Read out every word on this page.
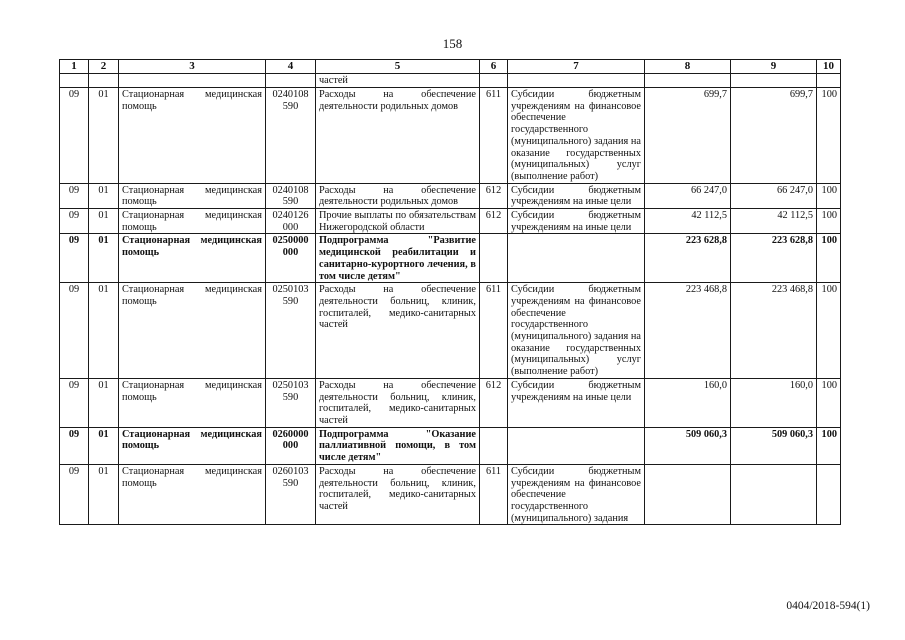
158
1	2	3	4	5	6	7	8	9	10
				частей					
09	01	Стационарная медицинская помощь	0240108 590	Расходы на обеспечение деятельности родильных домов	611	Субсидии бюджетным учреждениям на финансовое обеспечение государственного (муниципального) задания на оказание государственных (муниципальных) услуг (выполнение работ)	699,7	699,7	100
09	01	Стационарная медицинская помощь	0240108 590	Расходы на обеспечение деятельности родильных домов	612	Субсидии бюджетным учреждениям на иные цели	66 247,0	66 247,0	100
09	01	Стационарная медицинская помощь	0240126 000	Прочие выплаты по обязательствам Нижегородской области	612	Субсидии бюджетным учреждениям на иные цели	42 112,5	42 112,5	100
09	01	Стационарная медицинская помощь	0250000 000	Подпрограмма "Развитие медицинской реабилитации и санитарно-курортного лечения, в том числе детям"			223 628,8	223 628,8	100
09	01	Стационарная медицинская помощь	0250103 590	Расходы на обеспечение деятельности больниц, клиник, госпиталей, медико-санитарных частей	611	Субсидии бюджетным учреждениям на финансовое обеспечение государственного (муниципального) задания на оказание государственных (муниципальных) услуг (выполнение работ)	223 468,8	223 468,8	100
09	01	Стационарная медицинская помощь	0250103 590	Расходы на обеспечение деятельности больниц, клиник, госпиталей, медико-санитарных частей	612	Субсидии бюджетным учреждениям на иные цели	160,0	160,0	100
09	01	Стационарная медицинская помощь	0260000 000	Подпрограмма "Оказание паллиативной помощи, в том числе детям"			509 060,3	509 060,3	100
09	01	Стационарная медицинская помощь	0260103 590	Расходы на обеспечение деятельности больниц, клиник, госпиталей, медико-санитарных частей	611	Субсидии бюджетным учреждениям на финансовое обеспечение государственного (муниципального) задания			
0404/2018-594(1)
